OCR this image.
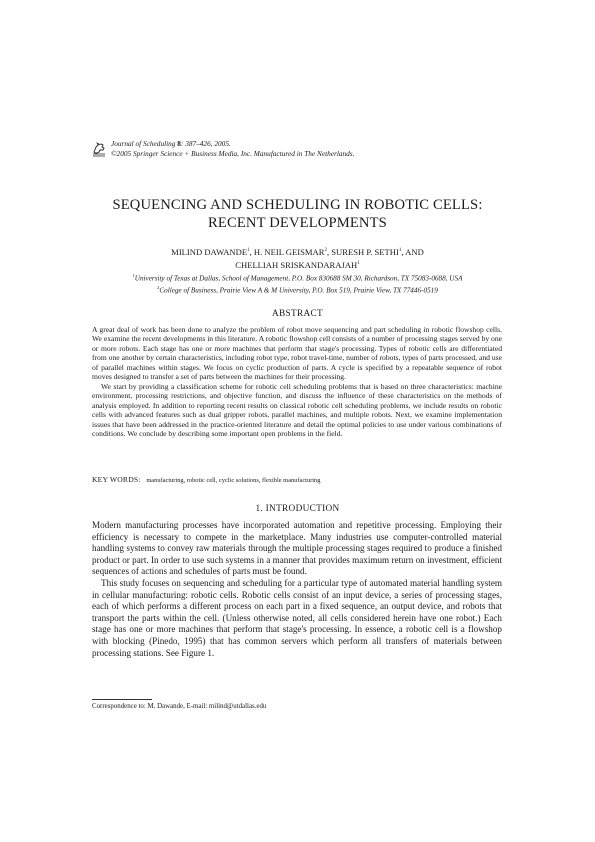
Journal of Scheduling 8: 387–426, 2005.
©2005 Springer Science + Business Media, Inc. Manufactured in The Netherlands.
SEQUENCING AND SCHEDULING IN ROBOTIC CELLS:
RECENT DEVELOPMENTS
MILIND DAWANDE$^1$, H. NEIL GEISMAR$^2$, SURESH P. SETHI$^1$, AND
CHELLIAH SRISKANDARAJAH$^1$
$^1$University of Texas at Dallas, School of Management, P.O. Box 830688 SM 30, Richardson, TX 75083-0688, USA
$^2$College of Business, Prairie View A & M University, P.O. Box 519, Prairie View, TX 77446-0519
ABSTRACT

A great deal of work has been done to analyze the problem of robot move sequencing and part scheduling in robotic flowshop cells. We examine the recent developments in this literature. A robotic flowshop cell consists of a number of processing stages served by one or more robots. Each stage has one or more machines that perform that stage's processing. Types of robotic cells are differentiated from one another by certain characteristics, including robot type, robot travel-time, number of robots, types of parts processed, and use of parallel machines within stages. We focus on cyclic production of parts. A cycle is specified by a repeatable sequence of robot moves designed to transfer a set of parts between the machines for their processing.

We start by providing a classification scheme for robotic cell scheduling problems that is based on three characteristics: machine environment, processing restrictions, and objective function, and discuss the influence of these characteristics on the methods of analysis employed. In addition to reporting recent results on classical robotic cell scheduling problems, we include results on robotic cells with advanced features such as dual gripper robots, parallel machines, and multiple robots. Next, we examine implementation issues that have been addressed in the practice-oriented literature and detail the optimal policies to use under various combinations of conditions. We conclude by describing some important open problems in the field.

KEY WORDS: manufacturing, robotic cell, cyclic solutions, flexible manufacturing
1. INTRODUCTION

Modern manufacturing processes have incorporated automation and repetitive processing. Employing their efficiency is necessary to compete in the marketplace. Many industries use computer-controlled material handling systems to convey raw materials through the multiple processing stages required to produce a finished product or part. In order to use such systems in a manner that provides maximum return on investment, efficient sequences of actions and schedules of parts must be found.

This study focuses on sequencing and scheduling for a particular type of automated material handling system in cellular manufacturing: robotic cells. Robotic cells consist of an input device, a series of processing stages, each of which performs a different process on each part in a fixed sequence, an output device, and robots that transport the parts within the cell. (Unless otherwise noted, all cells considered herein have one robot.) Each stage has one or more machines that perform that stage's processing. In essence, a robotic cell is a flowshop with blocking (Pinedo, 1995) that has common servers which perform all transfers of materials between processing stations. See Figure 1.

Correspondence to: M. Dawande, E-mail: milind@utdallas.edu
